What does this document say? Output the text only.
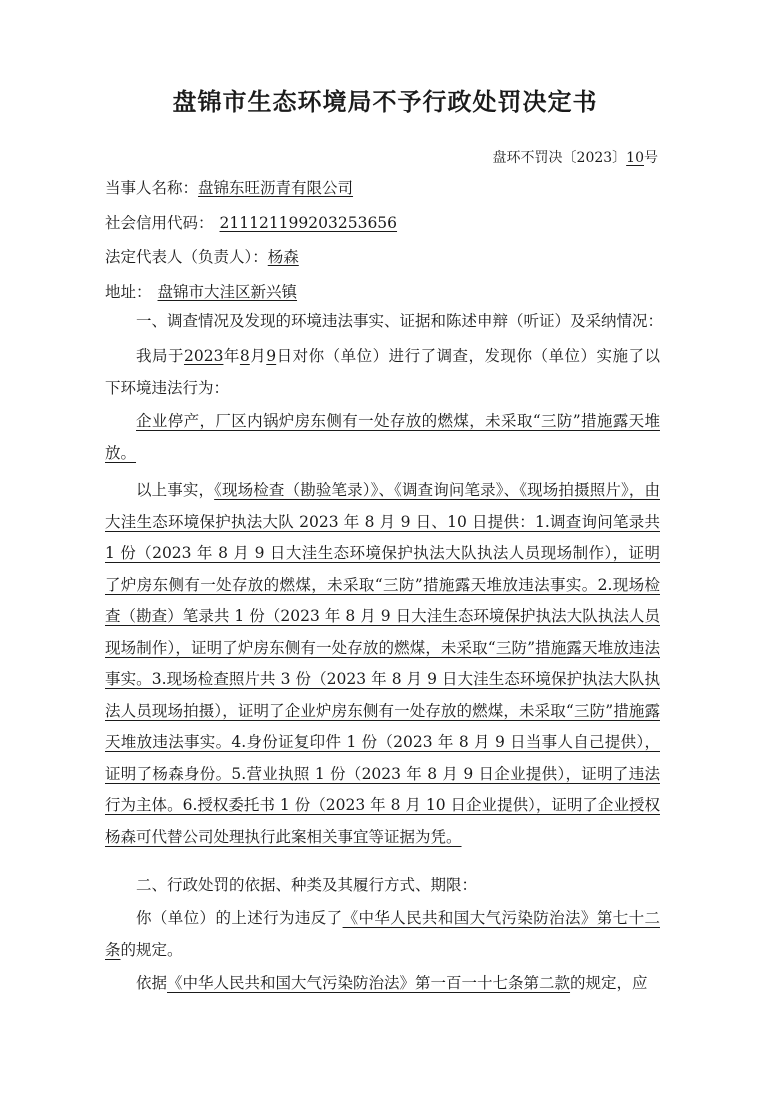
盘锦市生态环境局不予行政处罚决定书
盘环不罚决〔2023〕10号
当事人名称：盘锦东旺沥青有限公司
社会信用代码： 211121199203253656
法定代表人（负责人）：杨森
地址： 盘锦市大洼区新兴镇
一、调查情况及发现的环境违法事实、证据和陈述申辩（听证）及采纳情况：
我局于2023年8月9日对你（单位）进行了调查，发现你（单位）实施了以下环境违法行为：
企业停产，厂区内锅炉房东侧有一处存放的燃煤，未采取“三防”措施露天堆放。
以上事实，《现场检查（勘验笔录）》、《调查询问笔录》、《现场拍摄照片》，由大洼生态环境保护执法大队 2023 年 8 月 9 日、10 日提供：1.调查询问笔录共 1 份（2023 年 8 月 9 日大洼生态环境保护执法大队执法人员现场制作），证明了炉房东侧有一处存放的燃煤，未采取“三防”措施露天堆放违法事实。2.现场检查（勘查）笔录共 1 份（2023 年 8 月 9 日大洼生态环境保护执法大队执法人员现场制作），证明了炉房东侧有一处存放的燃煤，未采取“三防”措施露天堆放违法事实。3.现场检查照片共 3 份（2023 年 8 月 9 日大洼生态环境保护执法大队执法人员现场拍摄），证明了企业炉房东侧有一处存放的燃煤，未采取“三防”措施露天堆放违法事实。4.身份证复印件 1 份（2023 年 8 月 9 日当事人自己提供），证明了杨森身份。5.营业执照 1 份（2023 年 8 月 9 日企业提供），证明了违法行为主体。6.授权委托书 1 份（2023 年 8 月 10 日企业提供），证明了企业授权杨森可代替公司处理执行此案相关事宜等证据为凭。
二、行政处罚的依据、种类及其履行方式、期限：
你（单位）的上述行为违反了《中华人民共和国大气污染防治法》第七十二条的规定。
依据《中华人民共和国大气污染防治法》第一百一十七条第二款的规定，应
